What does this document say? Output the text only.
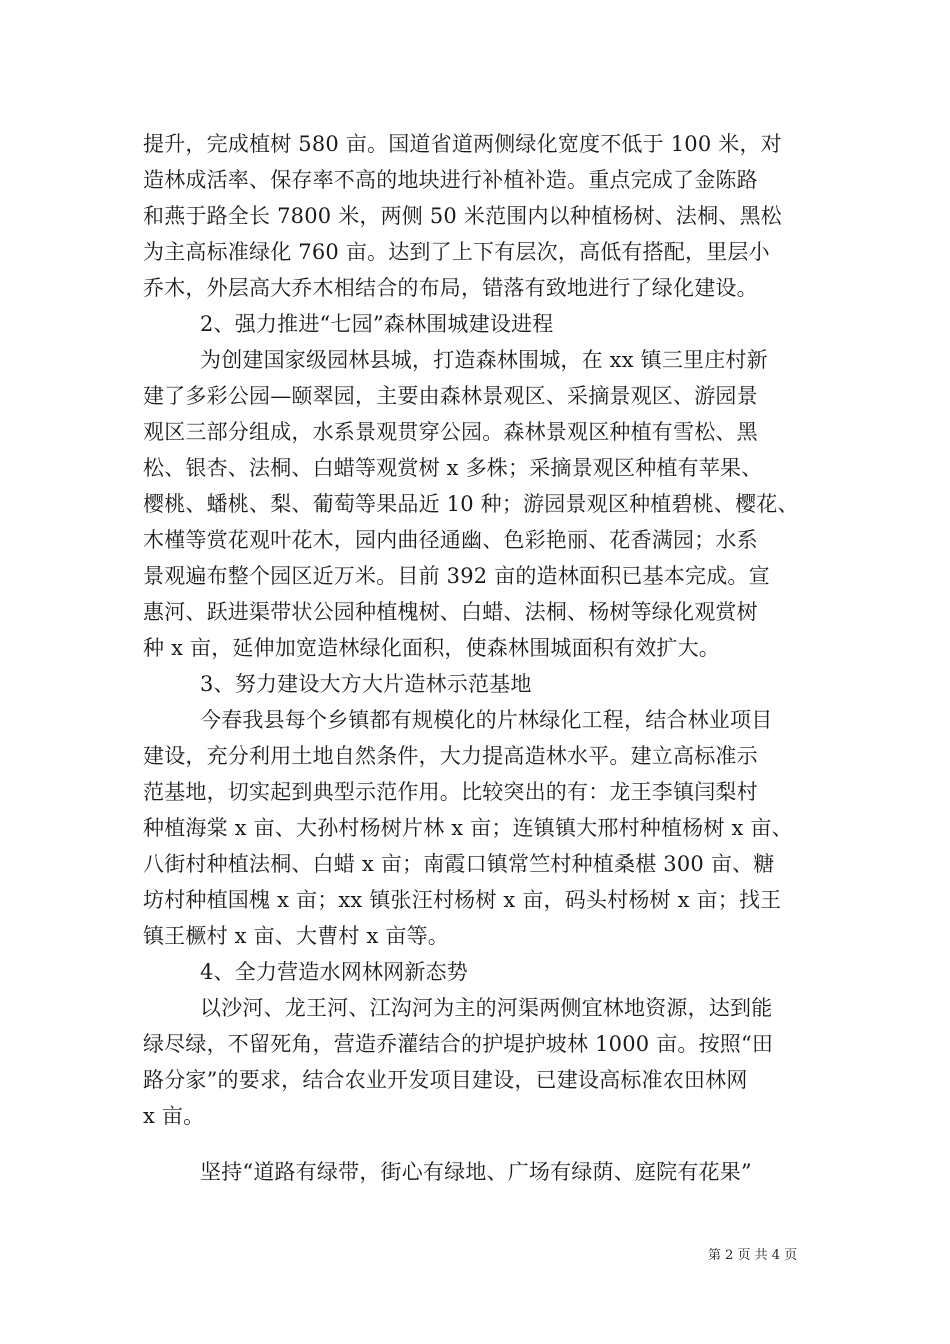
提升，完成植树 580 亩。国道省道两侧绿化宽度不低于 100 米，对
造林成活率、保存率不高的地块进行补植补造。重点完成了金陈路
和燕于路全长 7800 米，两侧 50 米范围内以种植杨树、法桐、黑松
为主高标准绿化 760 亩。达到了上下有层次，高低有搭配，里层小
乔木，外层高大乔木相结合的布局，错落有致地进行了绿化建设。
2、强力推进“七园”森林围城建设进程
为创建国家级园林县城，打造森林围城，在 xx 镇三里庄村新
建了多彩公园—颐翠园，主要由森林景观区、采摘景观区、游园景
观区三部分组成，水系景观贯穿公园。森林景观区种植有雪松、黑
松、银杏、法桐、白蜡等观赏树 x 多株；采摘景观区种植有苹果、
樱桃、蟠桃、梨、葡萄等果品近 10 种；游园景观区种植碧桃、樱花、
木槿等赏花观叶花木，园内曲径通幽、色彩艳丽、花香满园；水系
景观遍布整个园区近万米。目前 392 亩的造林面积已基本完成。宣
惠河、跃进渠带状公园种植槐树、白蜡、法桐、杨树等绿化观赏树
种 x 亩，延伸加宽造林绿化面积，使森林围城面积有效扩大。
3、努力建设大方大片造林示范基地
今春我县每个乡镇都有规模化的片林绿化工程，结合林业项目
建设，充分利用土地自然条件，大力提高造林水平。建立高标准示
范基地，切实起到典型示范作用。比较突出的有：龙王李镇闫梨村
种植海棠 x 亩、大孙村杨树片林 x 亩；连镇镇大邢村种植杨树 x 亩、
八街村种植法桐、白蜡 x 亩；南霞口镇常竺村种植桑椹 300 亩、糖
坊村种植国槐 x 亩；xx 镇张汪村杨树 x 亩，码头村杨树 x 亩；找王
镇王橛村 x 亩、大曹村 x 亩等。
4、全力营造水网林网新态势
以沙河、龙王河、江沟河为主的河渠两侧宜林地资源，达到能
绿尽绿，不留死角，营造乔灌结合的护堤护坡林 1000 亩。按照“田
路分家”的要求，结合农业开发项目建设，已建设高标准农田林网
x 亩。
坚持“道路有绿带，街心有绿地、广场有绿荫、庭院有花果”
第 2 页 共 4 页
